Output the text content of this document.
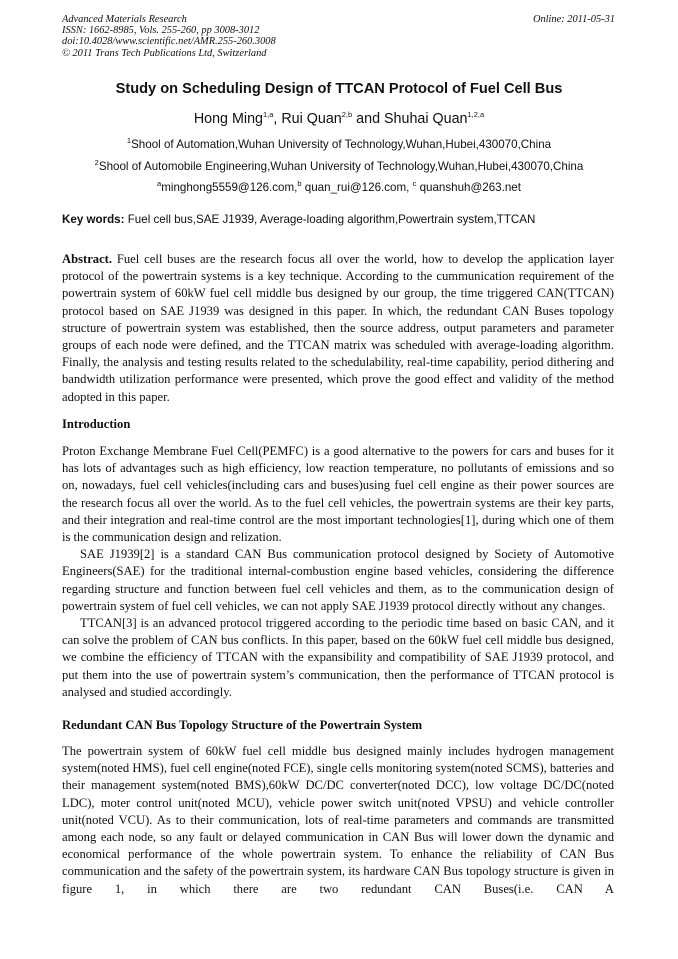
Advanced Materials Research
ISSN: 1662-8985, Vols. 255-260, pp 3008-3012
doi:10.4028/www.scientific.net/AMR.255-260.3008
© 2011 Trans Tech Publications Ltd, Switzerland
Online: 2011-05-31
Study on Scheduling Design of TTCAN Protocol of Fuel Cell Bus
Hong Ming$^{1,a}$, Rui Quan$^{2,b}$ and Shuhai Quan$^{1,2,a}$
$^1$Shool of Automation,Wuhan University of Technology,Wuhan,Hubei,430070,China
$^2$Shool of Automobile Engineering,Wuhan University of Technology,Wuhan,Hubei,430070,China
$^a$minghong5559@126.com,$^b$ quan_rui@126.com, $^c$ quanshuh@263.net
Key words: Fuel cell bus,SAE J1939, Average-loading algorithm,Powertrain system,TTCAN

Abstract. Fuel cell buses are the research focus all over the world, how to develop the application layer protocol of the powertrain systems is a key technique. According to the cummunication requirement of the powertrain system of 60kW fuel cell middle bus designed by our group, the time triggered CAN(TTCAN) protocol based on SAE J1939 was designed in this paper. In which, the redundant CAN Buses topology structure of powertrain system was established, then the source address, output parameters and parameter groups of each node were defined, and the TTCAN matrix was scheduled with average-loading algorithm. Finally, the analysis and testing results related to the schedulability, real-time capability, period dithering and bandwidth utilization performance were presented, which prove the good effect and validity of the method adopted in this paper.

Introduction

Proton Exchange Membrane Fuel Cell(PEMFC) is a good alternative to the powers for cars and buses for it has lots of advantages such as high efficiency, low reaction temperature, no pollutants of emissions and so on, nowadays, fuel cell vehicles(including cars and buses)using fuel cell engine as their power sources are the research focus all over the world. As to the fuel cell vehicles, the powertrain systems are their key parts, and their integration and real-time control are the most important technologies[1], during which one of them is the communication design and relization.

SAE J1939[2] is a standard CAN Bus communication protocol designed by Society of Automotive Engineers(SAE) for the traditional internal-combustion engine based vehicles, considering the difference regarding structure and function between fuel cell vehicles and them, as to the communication design of powertrain system of fuel cell vehicles, we can not apply SAE J1939 protocol directly without any changes.

TTCAN[3] is an advanced protocol triggered according to the periodic time based on basic CAN, and it can solve the problem of CAN bus conflicts. In this paper, based on the 60kW fuel cell middle bus designed, we combine the efficiency of TTCAN with the expansibility and compatibility of SAE J1939 protocol, and put them into the use of powertrain system’s communication, then the performance of TTCAN protocol is analysed and studied accordingly.

Redundant CAN Bus Topology Structure of the Powertrain System

The powertrain system of 60kW fuel cell middle bus designed mainly includes hydrogen management system(noted HMS), fuel cell engine(noted FCE), single cells monitoring system(noted SCMS), batteries and their management system(noted BMS),60kW DC/DC converter(noted DCC), low voltage DC/DC(noted LDC), moter control unit(noted MCU), vehicle power switch unit(noted VPSU) and vehicle controller unit(noted VCU). As to their communication, lots of real-time parameters and commands are transmitted among each node, so any fault or delayed communication in CAN Bus will lower down the dynamic and economical performance of the whole powertrain system. To enhance the reliability of CAN Bus communication and the safety of the powertrain system, its hardware CAN Bus topology structure is given in figure 1, in which there are two redundant CAN Buses(i.e. CAN A
